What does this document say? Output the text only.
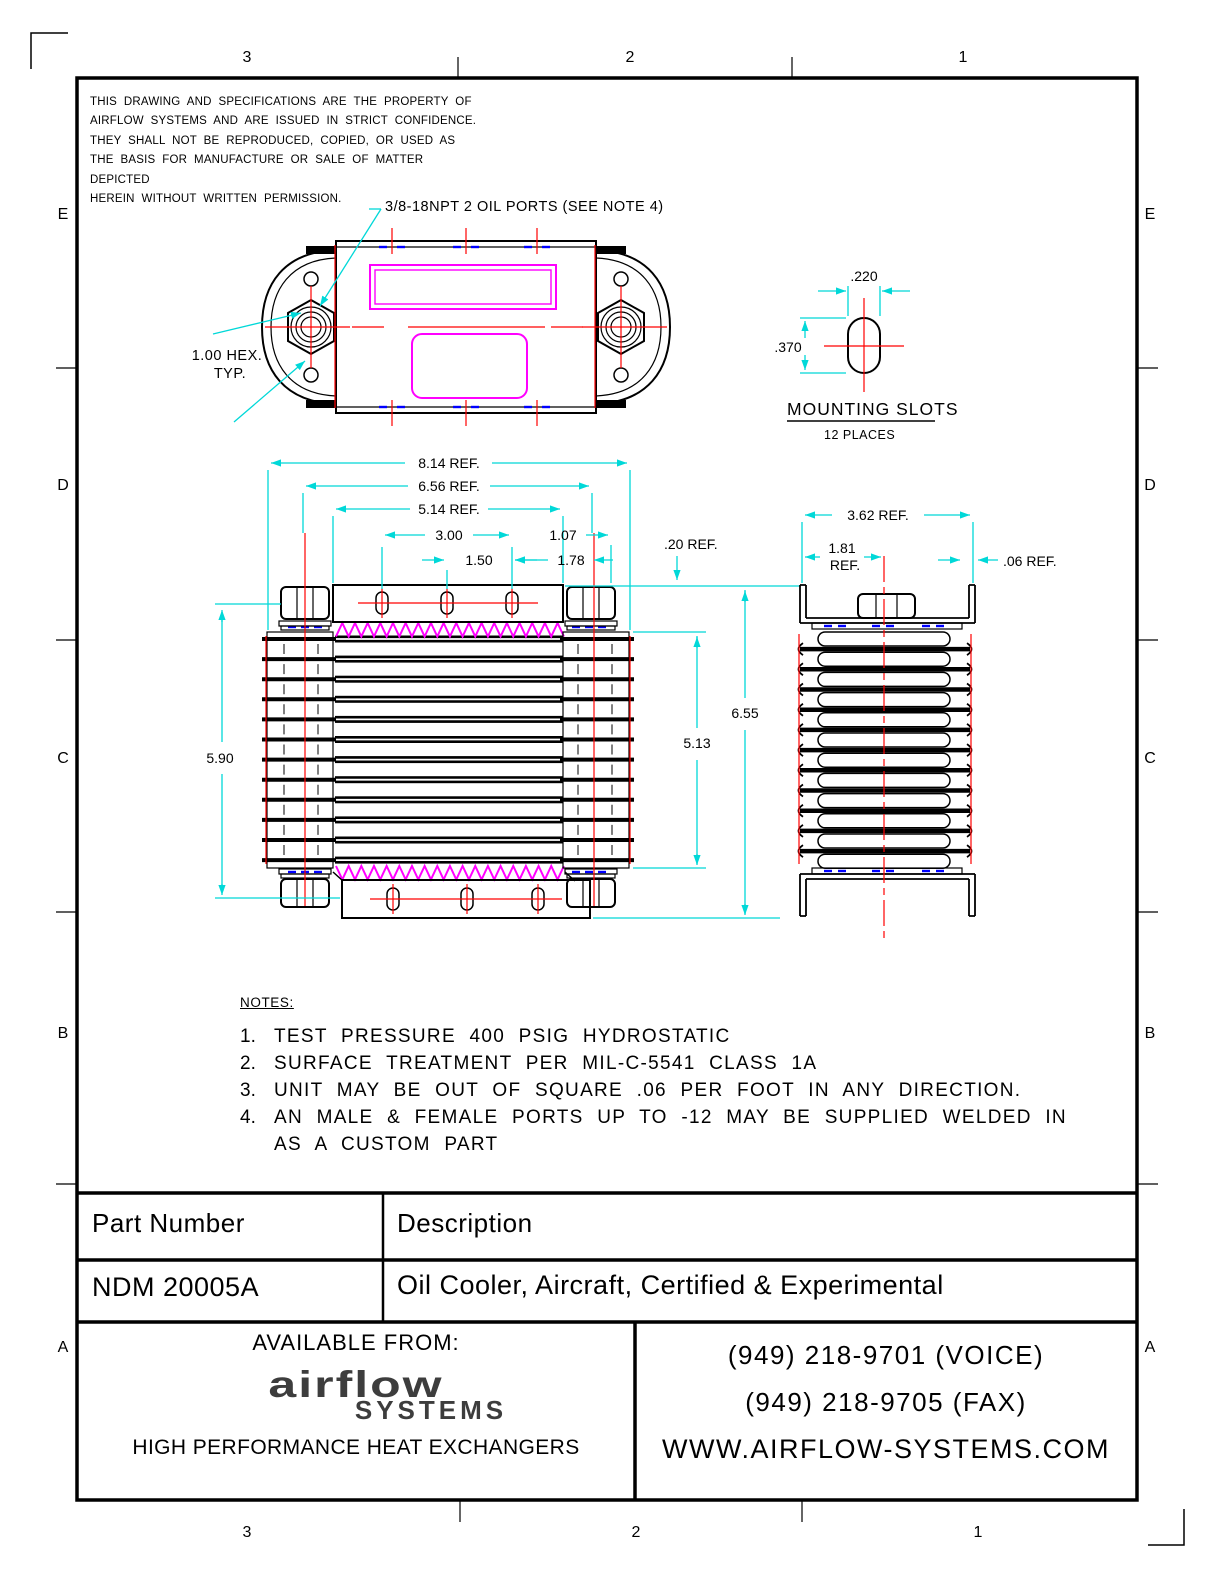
3	2	1
3	2	1
E
D
C
B
A
E
D
C
B
A
3/8-18NPT 2 OIL PORTS (SEE NOTE 4)
1.00 HEX.
TYP.
.220
.370
MOUNTING SLOTS
12 PLACES
8.14 REF.
6.56 REF.
5.14 REF.
3.00
1.50
1.07
1.78
.20 REF.
5.90
5.13
6.55
3.62 REF.
1.81
REF.	.06 REF.
THIS DRAWING AND SPECIFICATIONS ARE THE PROPERTY OF
AIRFLOW SYSTEMS AND ARE ISSUED IN STRICT CONFIDENCE.
THEY SHALL NOT BE REPRODUCED, COPIED, OR USED AS
THE BASIS FOR MANUFACTURE OR SALE OF MATTER DEPICTED
HEREIN WITHOUT WRITTEN PERMISSION.
NOTES:
1. TEST PRESSURE 400 PSIG HYDROSTATIC
2. SURFACE TREATMENT PER MIL-C-5541 CLASS 1A
3. UNIT MAY BE OUT OF SQUARE .06 PER FOOT IN ANY DIRECTION.
4. AN MALE & FEMALE PORTS UP TO -12 MAY BE SUPPLIED WELDED IN
AS A CUSTOM PART
Part Number	Description
NDM 20005A	Oil Cooler, Aircraft, Certified & Experimental
AVAILABLE FROM:
airflow
SYSTEMS
HIGH PERFORMANCE HEAT EXCHANGERS
(949) 218-9701 (VOICE)
(949) 218-9705 (FAX)
WWW.AIRFLOW-SYSTEMS.COM
